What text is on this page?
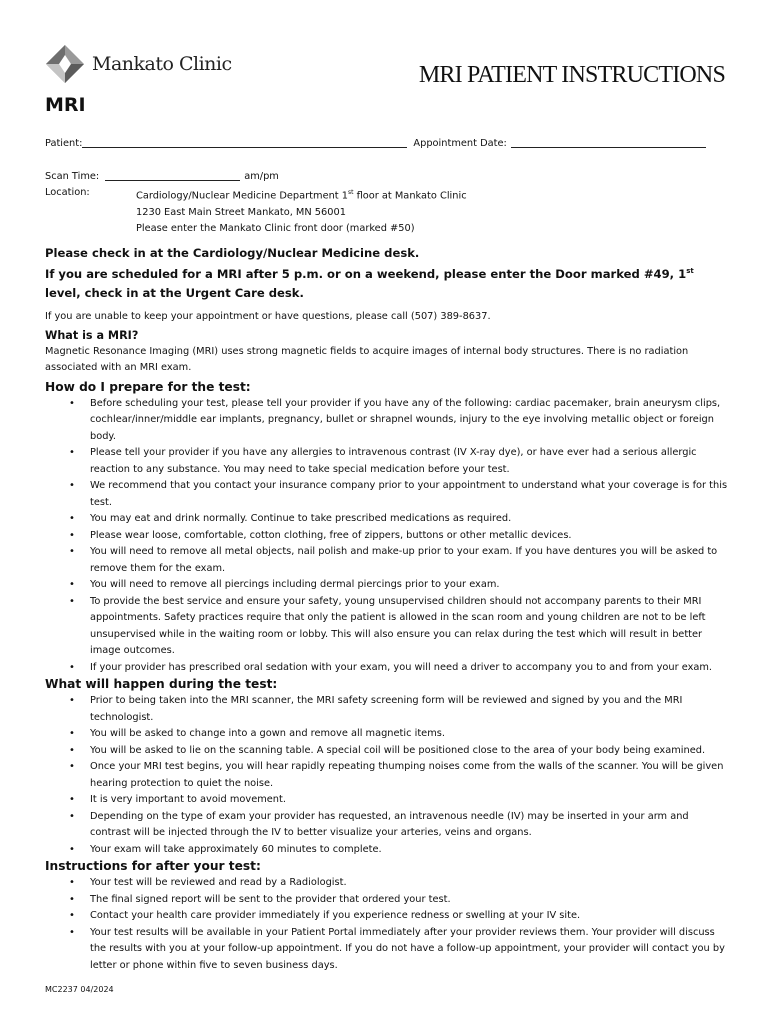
Mankato Clinic	MRI PATIENT INSTRUCTIONS
MRI
Patient:	Appointment Date:
Scan Time:	am/pm
Location:	Cardiology/Nuclear Medicine Department 1st floor at Mankato Clinic
1230 East Main Street Mankato, MN 56001
Please enter the Mankato Clinic front door (marked #50)
Please check in at the Cardiology/Nuclear Medicine desk.
If you are scheduled for a MRI after 5 p.m. or on a weekend, please enter the Door marked #49, 1st level, check in at the Urgent Care desk.
If you are unable to keep your appointment or have questions, please call (507) 389-8637.
What is a MRI?
Magnetic Resonance Imaging (MRI) uses strong magnetic fields to acquire images of internal body structures. There is no radiation associated with an MRI exam.
How do I prepare for the test:
• Before scheduling your test, please tell your provider if you have any of the following: cardiac pacemaker, brain aneurysm clips, cochlear/inner/middle ear implants, pregnancy, bullet or shrapnel wounds, injury to the eye involving metallic object or foreign body.
• Please tell your provider if you have any allergies to intravenous contrast (IV X-ray dye), or have ever had a serious allergic reaction to any substance. You may need to take special medication before your test.
• We recommend that you contact your insurance company prior to your appointment to understand what your coverage is for this test.
• You may eat and drink normally. Continue to take prescribed medications as required.
• Please wear loose, comfortable, cotton clothing, free of zippers, buttons or other metallic devices.
• You will need to remove all metal objects, nail polish and make-up prior to your exam. If you have dentures you will be asked to remove them for the exam.
• You will need to remove all piercings including dermal piercings prior to your exam.
• To provide the best service and ensure your safety, young unsupervised children should not accompany parents to their MRI appointments. Safety practices require that only the patient is allowed in the scan room and young children are not to be left unsupervised while in the waiting room or lobby. This will also ensure you can relax during the test which will result in better image outcomes.
• If your provider has prescribed oral sedation with your exam, you will need a driver to accompany you to and from your exam.
What will happen during the test:
• Prior to being taken into the MRI scanner, the MRI safety screening form will be reviewed and signed by you and the MRI technologist.
• You will be asked to change into a gown and remove all magnetic items.
• You will be asked to lie on the scanning table. A special coil will be positioned close to the area of your body being examined.
• Once your MRI test begins, you will hear rapidly repeating thumping noises come from the walls of the scanner. You will be given hearing protection to quiet the noise.
• It is very important to avoid movement.
• Depending on the type of exam your provider has requested, an intravenous needle (IV) may be inserted in your arm and contrast will be injected through the IV to better visualize your arteries, veins and organs.
• Your exam will take approximately 60 minutes to complete.
Instructions for after your test:
• Your test will be reviewed and read by a Radiologist.
• The final signed report will be sent to the provider that ordered your test.
• Contact your health care provider immediately if you experience redness or swelling at your IV site.
• Your test results will be available in your Patient Portal immediately after your provider reviews them. Your provider will discuss the results with you at your follow-up appointment. If you do not have a follow-up appointment, your provider will contact you by letter or phone within five to seven business days.
MC2237 04/2024
